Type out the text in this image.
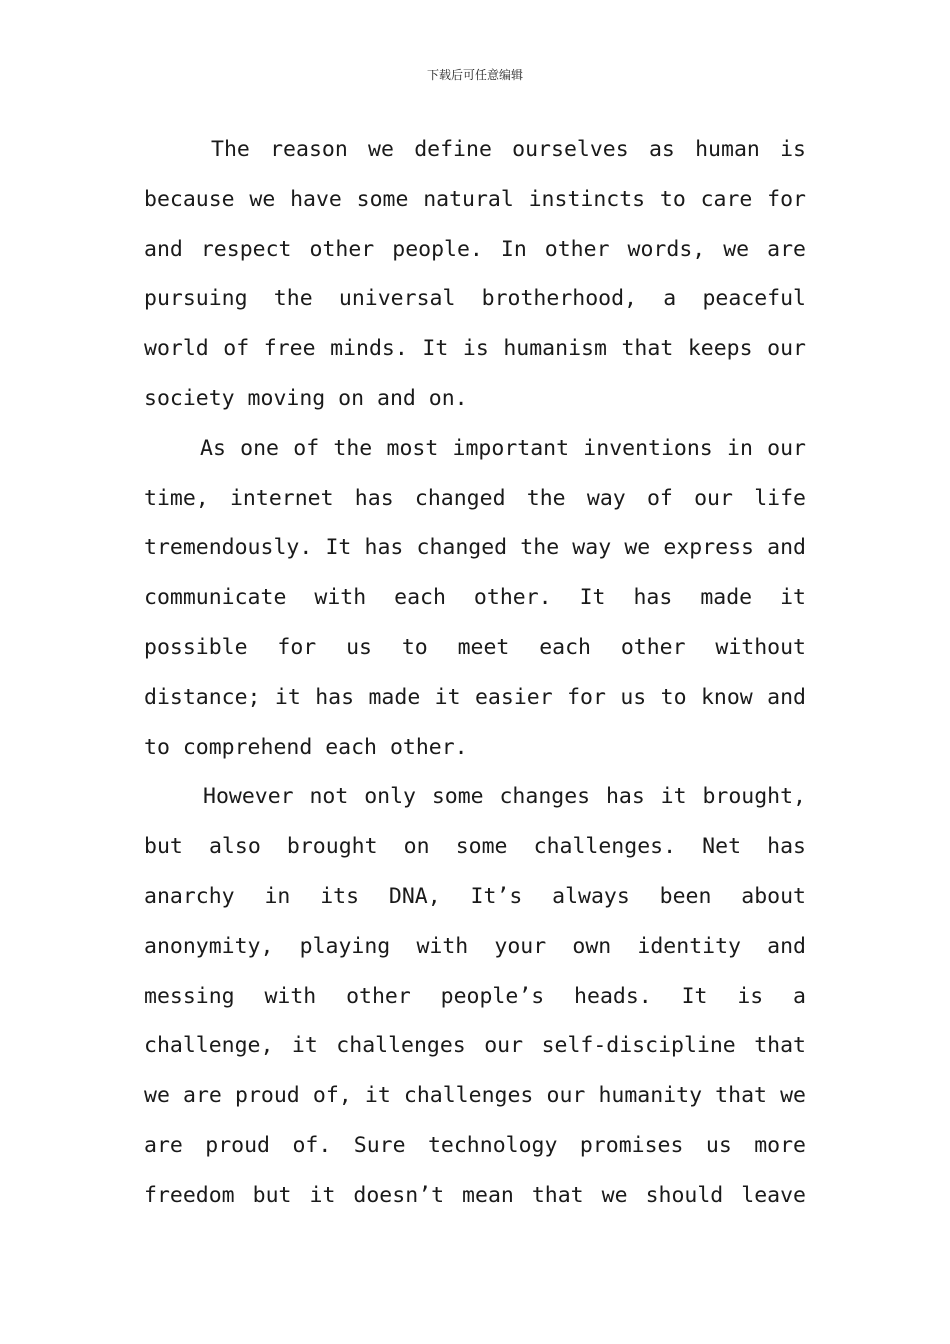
下载后可任意编辑
The reason we define ourselves as human is
because we have some natural instincts to care for
and respect other people. In other words, we are
pursuing the universal brotherhood, a peaceful
world of free minds. It is humanism that keeps our
society moving on and on.
As one of the most important inventions in our
time, internet has changed the way of our life
tremendously. It has changed the way we express and
communicate with each other. It has made it
possible for us to meet each other without
distance; it has made it easier for us to know and
to comprehend each other.
However not only some changes has it brought,
but also brought on some challenges. Net has
anarchy in its DNA, It’s always been about
anonymity, playing with your own identity and
messing with other people’s heads. It is a
challenge, it challenges our self-discipline that
we are proud of, it challenges our humanity that we
are proud of. Sure technology promises us more
freedom but it doesn’t mean that we should leave
